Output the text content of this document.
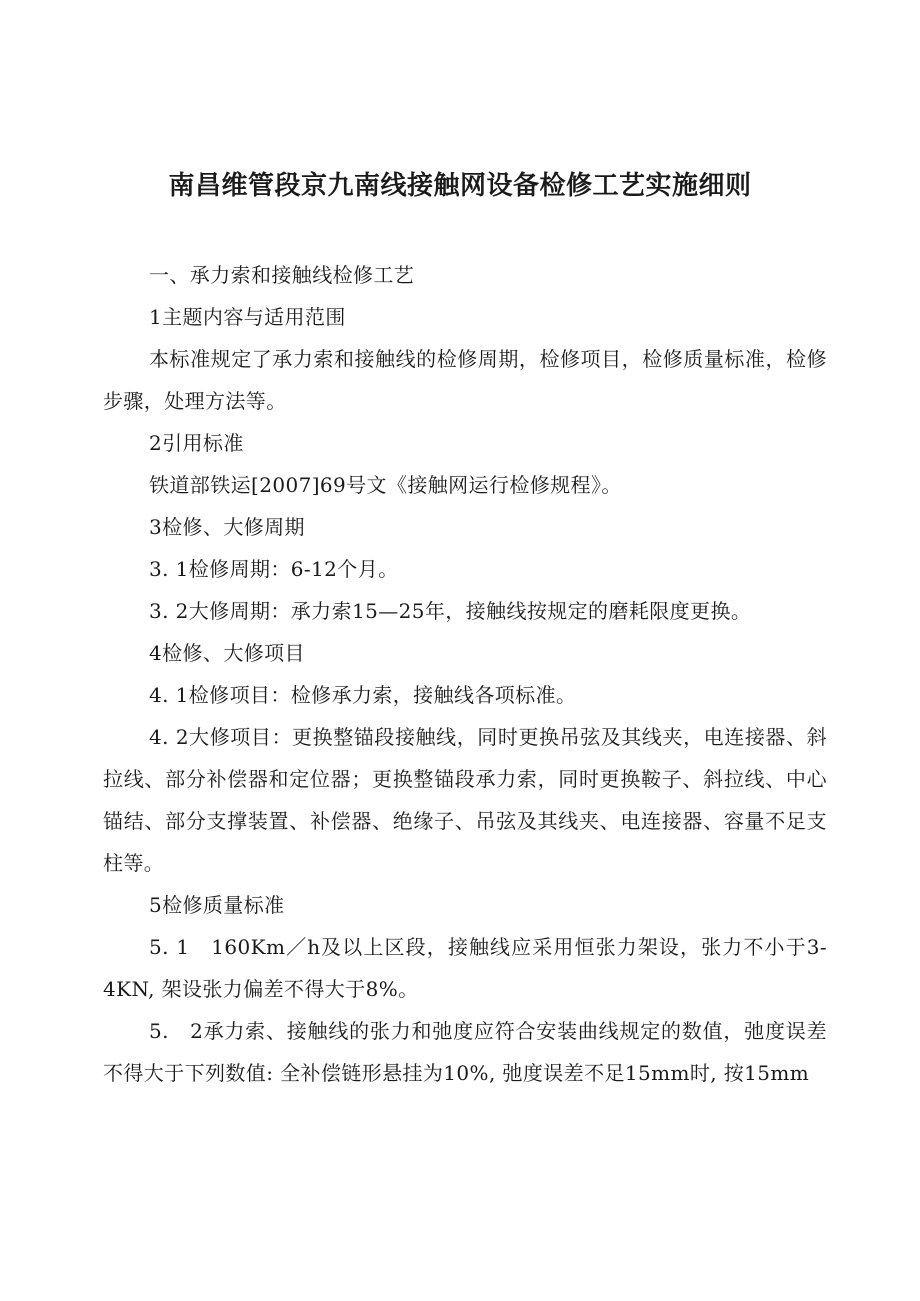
南昌维管段京九南线接触网设备检修工艺实施细则

一、承力索和接触线检修工艺

1主题内容与适用范围

本标准规定了承力索和接触线的检修周期，检修项目，检修质量标准，检修步骤，处理方法等。

2引用标准

铁道部铁运[2007]69号文《接触网运行检修规程》。

3检修、大修周期

3. 1检修周期：6-12个月。

3. 2大修周期：承力索15—25年，接触线按规定的磨耗限度更换。

4检修、大修项目

4. 1检修项目：检修承力索，接触线各项标准。

4. 2大修项目：更换整锚段接触线，同时更换吊弦及其线夹，电连接器、斜拉线、部分补偿器和定位器；更换整锚段承力索，同时更换鞍子、斜拉线、中心锚结、部分支撑装置、补偿器、绝缘子、吊弦及其线夹、电连接器、容量不足支柱等。

5检修质量标准

5. 1　160Km／h及以上区段，接触线应采用恒张力架设，张力不小于3-4KN, 架设张力偏差不得大于8%。

5.　2承力索、接触线的张力和弛度应符合安装曲线规定的数值，弛度误差不得大于下列数值: 全补偿链形悬挂为10%, 弛度误差不足15mm时, 按15mm
